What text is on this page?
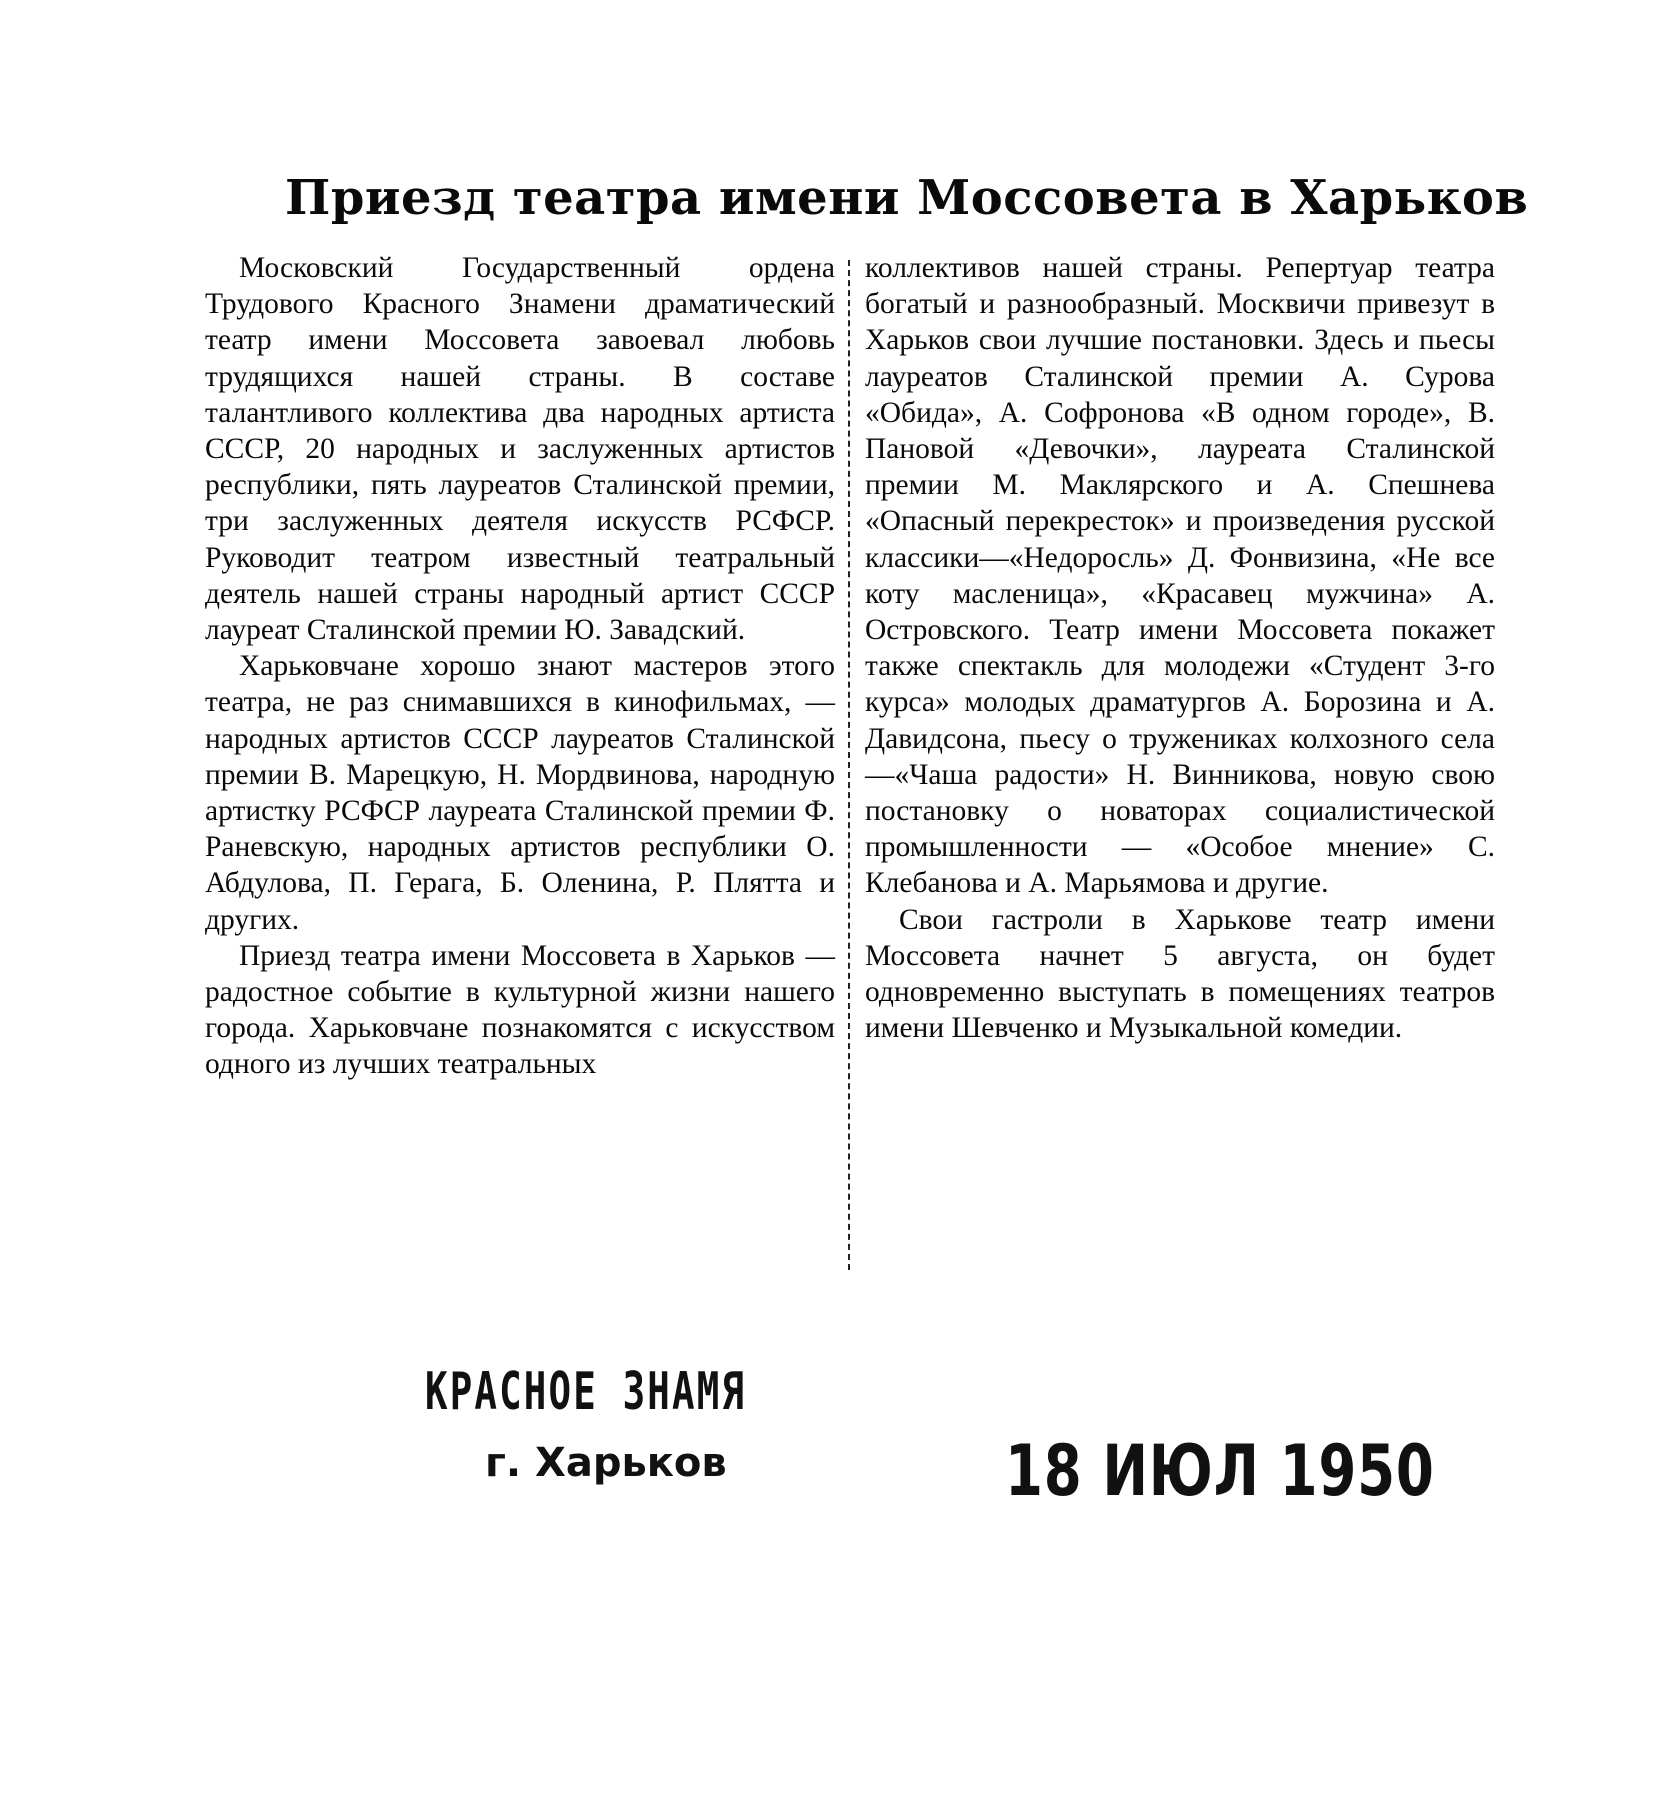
Приезд театра имени Моссовета в Харьков

Московский Государственный ордена Трудового Красного Знамени драматический театр имени Моссовета завоевал любовь трудящихся нашей страны. В составе талантливого коллектива два народных артиста СССР, 20 народных и заслуженных артистов республики, пять лауреатов Сталинской премии, три заслуженных деятеля искусств РСФСР. Руководит театром известный театральный деятель нашей страны народный артист СССР лауреат Сталинской премии Ю. Завадский.

Харьковчане хорошо знают мастеров этого театра, не раз снимавшихся в кинофильмах, — народных артистов СССР лауреатов Сталинской премии В. Марецкую, Н. Мордвинова, народную артистку РСФСР лауреата Сталинской премии Ф. Раневскую, народных артистов республики О. Абдулова, П. Герага, Б. Оленина, Р. Плятта и других.

Приезд театра имени Моссовета в Харьков — радостное событие в культурной жизни нашего города. Харьковчане познакомятся с искусством одного из лучших театральных

коллективов нашей страны. Репертуар театра богатый и разнообразный. Москвичи привезут в Харьков свои лучшие постановки. Здесь и пьесы лауреатов Сталинской премии А. Сурова «Обида», А. Софронова «В одном городе», В. Пановой «Девочки», лауреата Сталинской премии М. Маклярского и А. Спешнева «Опасный перекресток» и произведения русской классики—«Недоросль» Д. Фонвизина, «Не все коту масленица», «Красавец мужчина» А. Островского. Театр имени Моссовета покажет также спектакль для молодежи «Студент 3-го курса» молодых драматургов А. Борозина и А. Давидсона, пьесу о тружениках колхозного села—«Чаша радости» Н. Винникова, новую свою постановку о новаторах социалистической промышленности — «Особое мнение» С. Клебанова и А. Марьямова и другие.

Свои гастроли в Харькове театр имени Моссовета начнет 5 августа, он будет одновременно выступать в помещениях театров имени Шевченко и Музыкальной комедии.

КРАСНОЕ ЗНАМЯ
г. Харьков	18 ИЮЛ 1950
